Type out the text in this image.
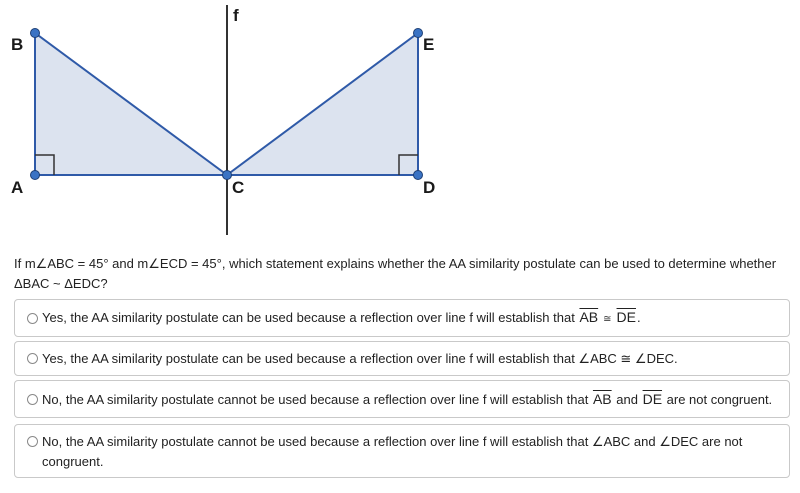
f
B
A	C
E
D
If m∠ABC = 45° and m∠ECD = 45°, which statement explains whether the AA similarity postulate can be used to determine whether ΔBAC ~ ΔEDC?
Yes, the AA similarity postulate can be used because a reflection over line f will establish that $\overline{AB}$ ≅ $\overline{DE}$.
Yes, the AA similarity postulate can be used because a reflection over line f will establish that ∠ABC ≅ ∠DEC.
No, the AA similarity postulate cannot be used because a reflection over line f will establish that $\overline{AB}$ and $\overline{DE}$ are not congruent.
No, the AA similarity postulate cannot be used because a reflection over line f will establish that ∠ABC and ∠DEC are not congruent.
